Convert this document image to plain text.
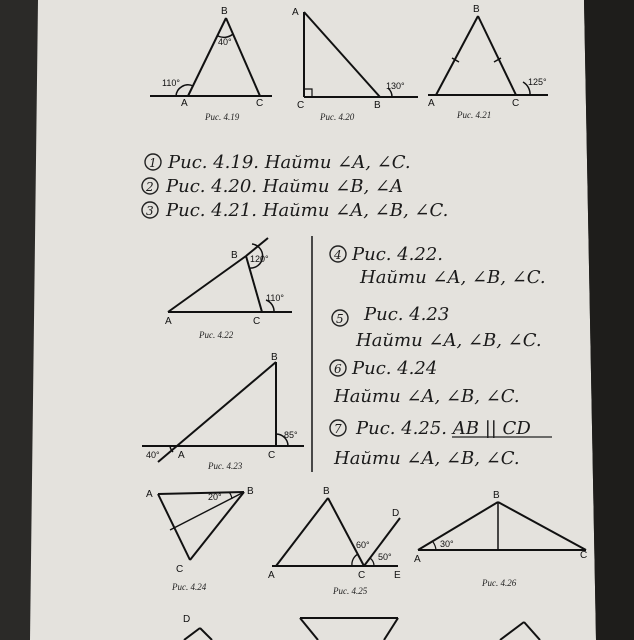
B
40°
110°
A	C
Рис. 4.19
A
C	B
130°
Рис. 4.20
B
A	C
125°
Рис. 4.21
1 Рис. 4.19. Найти ∠A, ∠C.
2 Рис. 4.20. Найти ∠B, ∠A
3 Рис. 4.21. Найти ∠A, ∠B, ∠C.
B 120°
110°
A	C
Рис. 4.22
B
85°
40° A	C
Рис. 4.23
4 Рис. 4.22.
Найти ∠A, ∠B, ∠C.
5 Рис. 4.23
Найти ∠A, ∠B, ∠C.
6 Рис. 4.24
Найти ∠A, ∠B, ∠C.
7 Рис. 4.25. AB || CD
Найти ∠A, ∠B, ∠C.
A	B
20°
C
Рис. 4.24
B
D
60°
50°
A	C	E
Рис. 4.25
B
30°
A	C
Рис. 4.26
D
